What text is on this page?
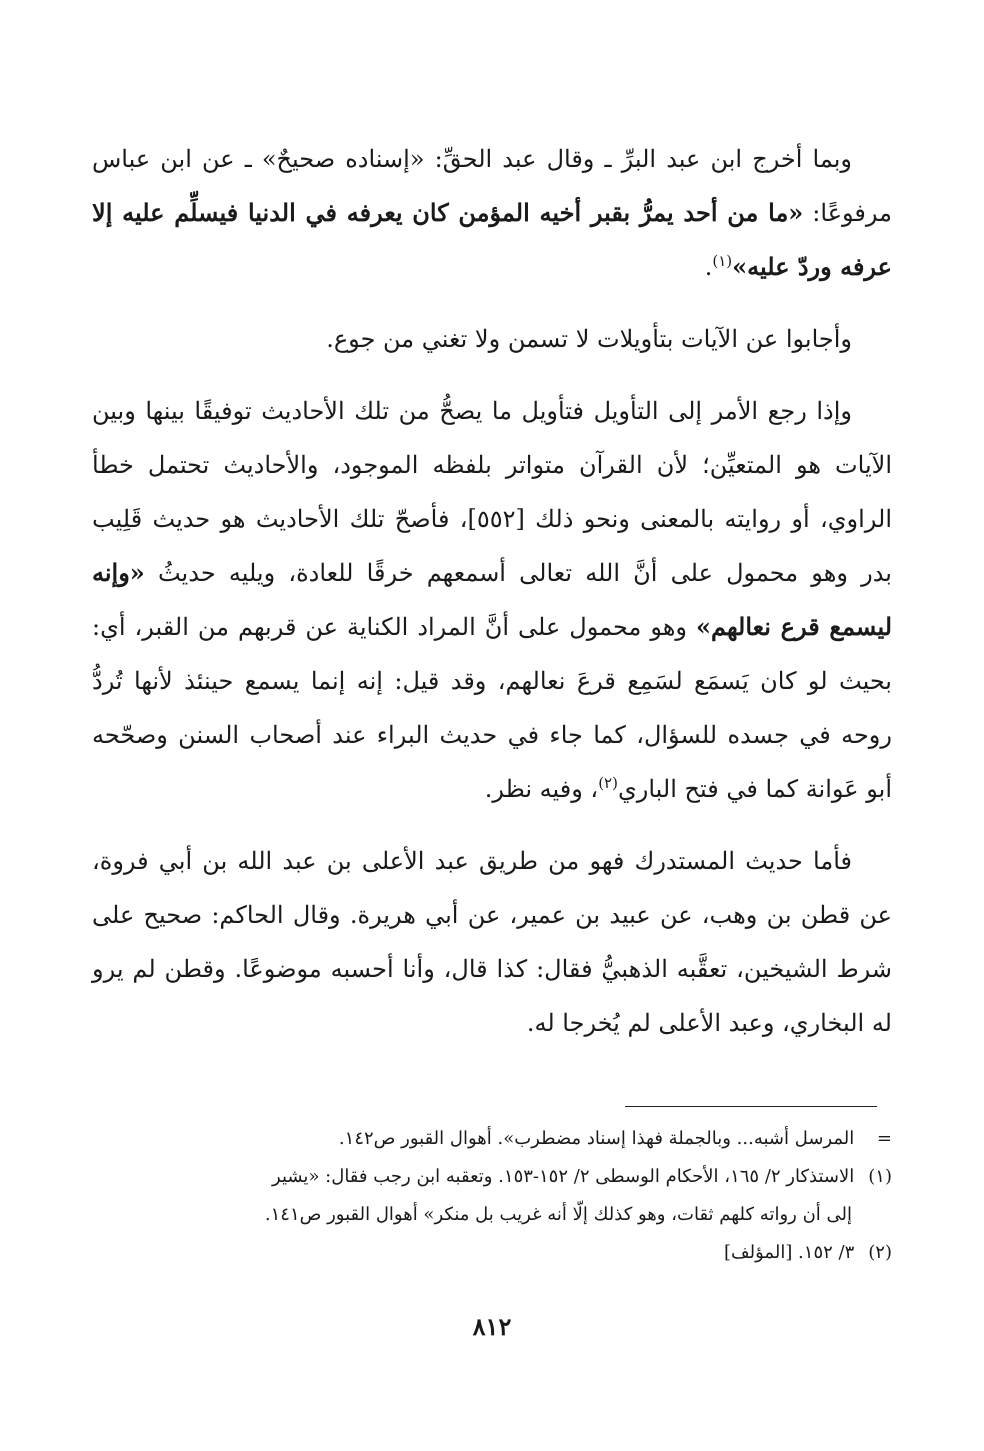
وبما أخرج ابن عبد البرِّ ـ وقال عبد الحقِّ: «إسناده صحيحٌ» ـ عن ابن عباس مرفوعًا: «ما من أحد يمرُّ بقبر أخيه المؤمن كان يعرفه في الدنيا فيسلِّم عليه إلا عرفه وردّ عليه»$^{(١)}$.

وأجابوا عن الآيات بتأويلات لا تسمن ولا تغني من جوع.

وإذا رجع الأمر إلى التأويل فتأويل ما يصحُّ من تلك الأحاديث توفيقًا بينها وبين الآيات هو المتعيِّن؛ لأن القرآن متواتر بلفظه الموجود، والأحاديث تحتمل خطأ الراوي، أو روايته بالمعنى ونحو ذلك [٥٥٢]، فأصحّ تلك الأحاديث هو حديث قَلِيب بدر وهو محمول على أنَّ الله تعالى أسمعهم خرقًا للعادة، ويليه حديثُ «وإنه ليسمع قرع نعالهم» وهو محمول على أنَّ المراد الكناية عن قربهم من القبر، أي: بحيث لو كان يَسمَع لسَمِع قرعَ نعالهم، وقد قيل: إنه إنما يسمع حينئذ لأنها تُردُّ روحه في جسده للسؤال، كما جاء في حديث البراء عند أصحاب السنن وصحّحه أبو عَوانة كما في فتح الباري$^{(٢)}$، وفيه نظر.

فأما حديث المستدرك فهو من طريق عبد الأعلى بن عبد الله بن أبي فروة، عن قطن بن وهب، عن عبيد بن عمير، عن أبي هريرة. وقال الحاكم: صحيح على شرط الشيخين، تعقَّبه الذهبيُّ فقال: كذا قال، وأنا أحسبه موضوعًا. وقطن لم يرو له البخاري، وعبد الأعلى لم يُخرجا له.

= المرسل أشبه... وبالجملة فهذا إسناد مضطرب». أهوال القبور ص١٤٢.

(١) الاستذكار ٢/ ١٦٥، الأحكام الوسطى ٢/ ١٥٢-١٥٣. وتعقبه ابن رجب فقال: «يشير

إلى أن رواته كلهم ثقات، وهو كذلك إلّا أنه غريب بل منكر» أهوال القبور ص١٤١.

(٢) ٣/ ١٥٢. [المؤلف]

٨١٢
